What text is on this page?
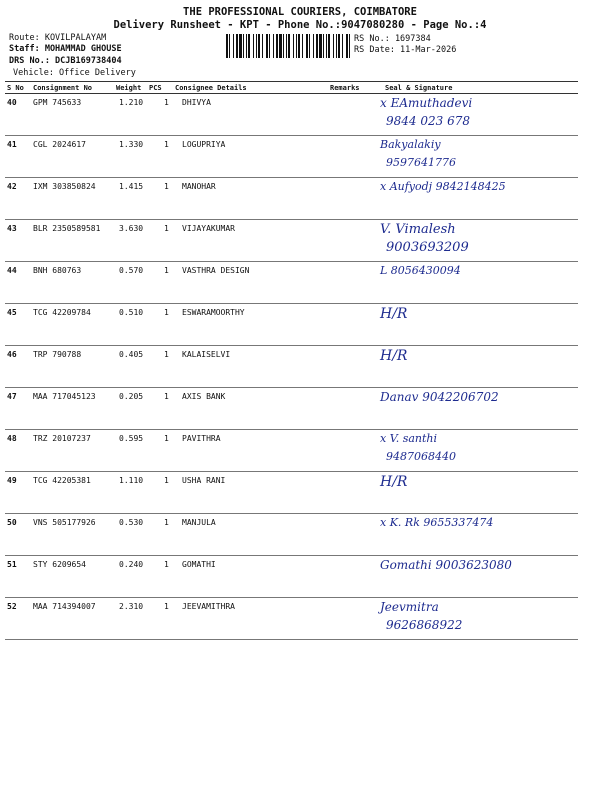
THE PROFESSIONAL COURIERS, COIMBATORE
Delivery Runsheet - KPT - Phone No.:9047080280 - Page No.:4
Route: KOVILPALAYAM
Staff: MOHAMMAD GHOUSE
DRS No.: DCJB169738404
Vehicle: Office Delivery
RS No.: 1697384
RS Date: 11-Mar-2026
S No Consignment No	Weight PCS Consignee Details	Remarks	Seal & Signature
40 GPM 745633	1.210	1 DHIVYA	x EAmuthadevi
9844 023 678
41 CGL 2024617	1.330	1 LOGUPRIYA	Bakyalakiy
9597641776
42 IXM 303850824	1.415	1 MANOHAR	x Aufyodj 9842148425
43 BLR 2350589581 3.630	1 VIJAYAKUMAR	V. Vimalesh
9003693209
44 BNH 680763	0.570	1 VASTHRA DESIGN	L 8056430094
45 TCG 42209784	0.510	1 ESWARAMOORTHY	H/R
46 TRP 790788	0.405	1 KALAISELVI	H/R
47 MAA 717045123	0.205	1 AXIS BANK	Danav 9042206702
48 TRZ 20107237	0.595	1 PAVITHRA	x V. santhi
9487068440
49 TCG 42205381	1.110	1 USHA RANI	H/R
50 VNS 505177926	0.530	1 MANJULA	x K. Rk 9655337474
51 STY 6209654	0.240	1 GOMATHI	Gomathi 9003623080
52 MAA 714394007	2.310	1 JEEVAMITHRA	Jeevmitra
9626868922
